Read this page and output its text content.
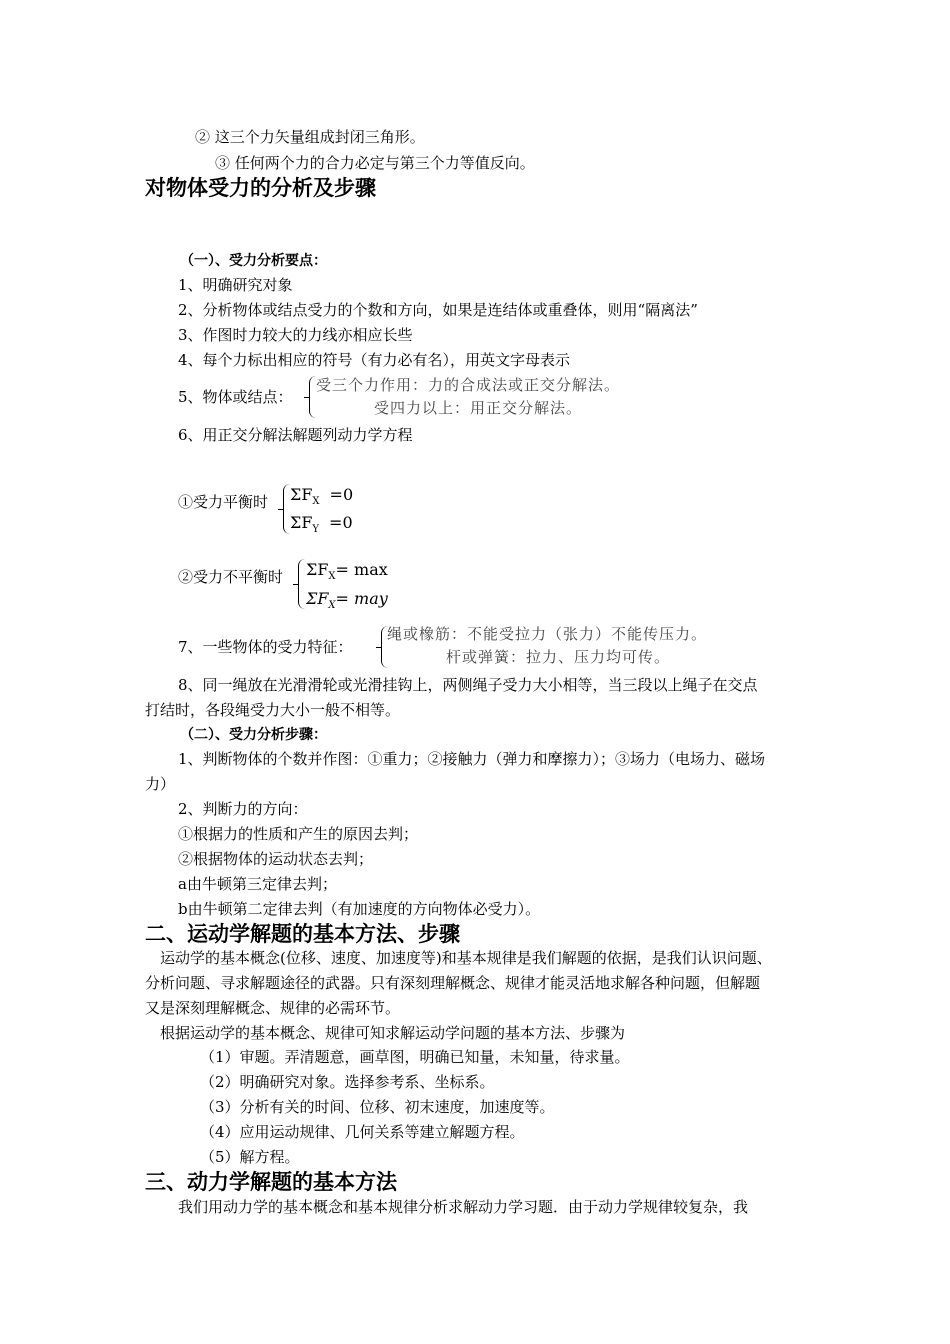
② 这三个力矢量组成封闭三角形。
③ 任何两个力的合力必定与第三个力等值反向。
对物体受力的分析及步骤
（一）、受力分析要点：
1、明确研究对象
2、分析物体或结点受力的个数和方向，如果是连结体或重叠体，则用“隔离法”
3、作图时力较大的力线亦相应长些
4、每个力标出相应的符号（有力必有名），用英文字母表示
5、物体或结点：
受三个力作用：力的合成法或正交分解法。
受四力以上：用正交分解法。
6、用正交分解法解题列动力学方程
①受力平衡时 $\Sigma F_X =0$
$\Sigma F_Y =0$
②受力不平衡时 $\Sigma F_X= \max$
$\Sigma F_X=$ may
7、一些物体的受力特征：
绳或橡筋：不能受拉力（张力）不能传压力。
杆或弹簧：拉力、压力均可传。
8、同一绳放在光滑滑轮或光滑挂钩上，两侧绳子受力大小相等，当三段以上绳子在交点
打结时，各段绳受力大小一般不相等。
（二）、受力分析步骤：
1、判断物体的个数并作图：①重力；②接触力（弹力和摩擦力）；③场力（电场力、磁场
力）
2、判断力的方向：
①根据力的性质和产生的原因去判；
②根据物体的运动状态去判；
a由牛顿第三定律去判；
b由牛顿第二定律去判（有加速度的方向物体必受力）。
二、运动学解题的基本方法、步骤
运动学的基本概念(位移、速度、加速度等)和基本规律是我们解题的依据，是我们认识问题、
分析问题、寻求解题途径的武器。只有深刻理解概念、规律才能灵活地求解各种问题，但解题
又是深刻理解概念、规律的必需环节。
根据运动学的基本概念、规律可知求解运动学问题的基本方法、步骤为
（1）审题。弄清题意，画草图，明确已知量，未知量，待求量。
（2）明确研究对象。选择参考系、坐标系。
（3）分析有关的时间、位移、初末速度，加速度等。
（4）应用运动规律、几何关系等建立解题方程。
（5）解方程。
三、动力学解题的基本方法
我们用动力学的基本概念和基本规律分析求解动力学习题．由于动力学规律较复杂，我
